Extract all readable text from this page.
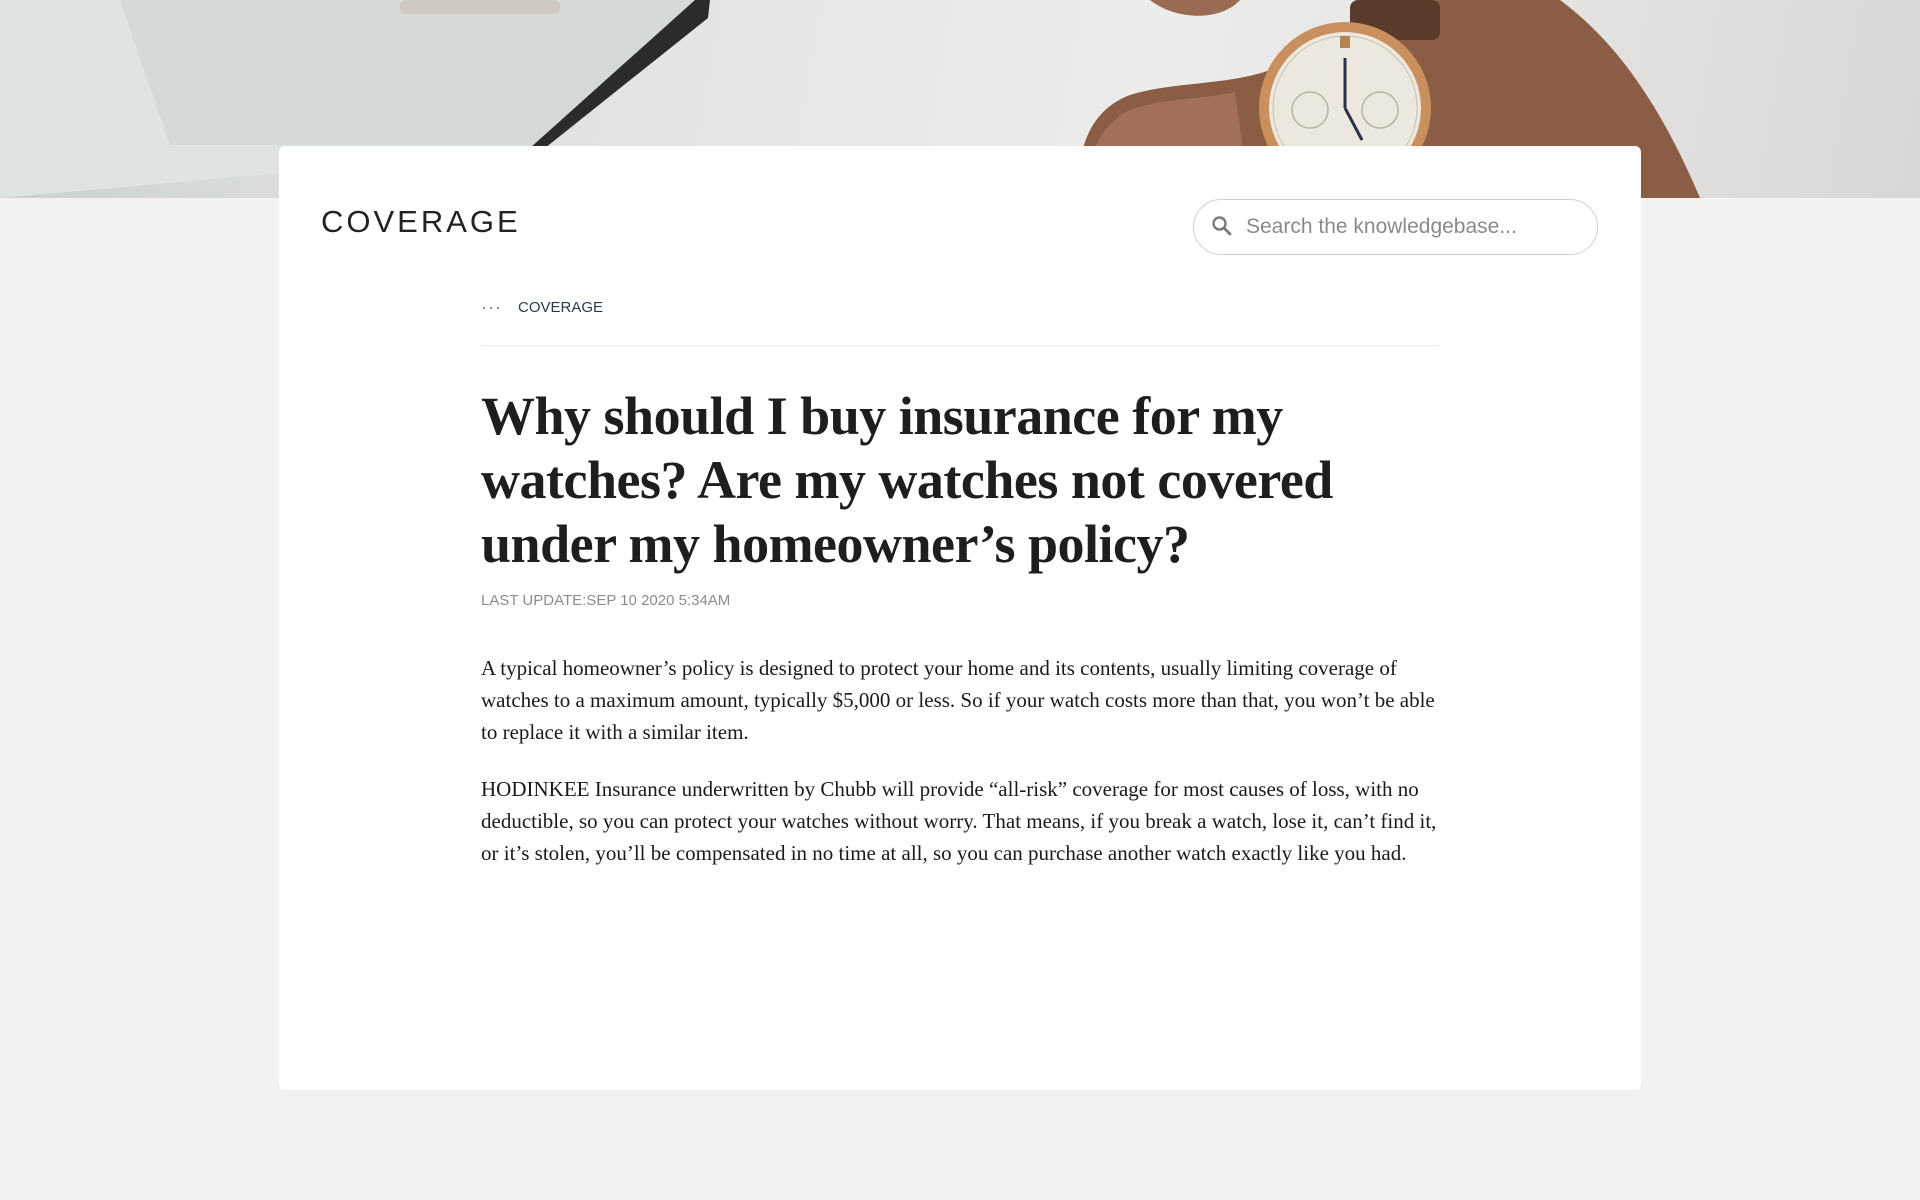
COVERAGE
Search the knowledgebase...
··· COVERAGE
Why should I buy insurance for my watches? Are my watches not covered under my homeowner’s policy?
LAST UPDATE:SEP 10 2020 5:34AM

A typical homeowner’s policy is designed to protect your home and its contents, usually limiting coverage of watches to a maximum amount, typically $5,000 or less. So if your watch costs more than that, you won’t be able to replace it with a similar item.

HODINKEE Insurance underwritten by Chubb will provide “all-risk” coverage for most causes of loss, with no deductible, so you can protect your watches without worry. That means, if you break a watch, lose it, can’t find it, or it’s stolen, you’ll be compensated in no time at all, so you can purchase another watch exactly like you had.
